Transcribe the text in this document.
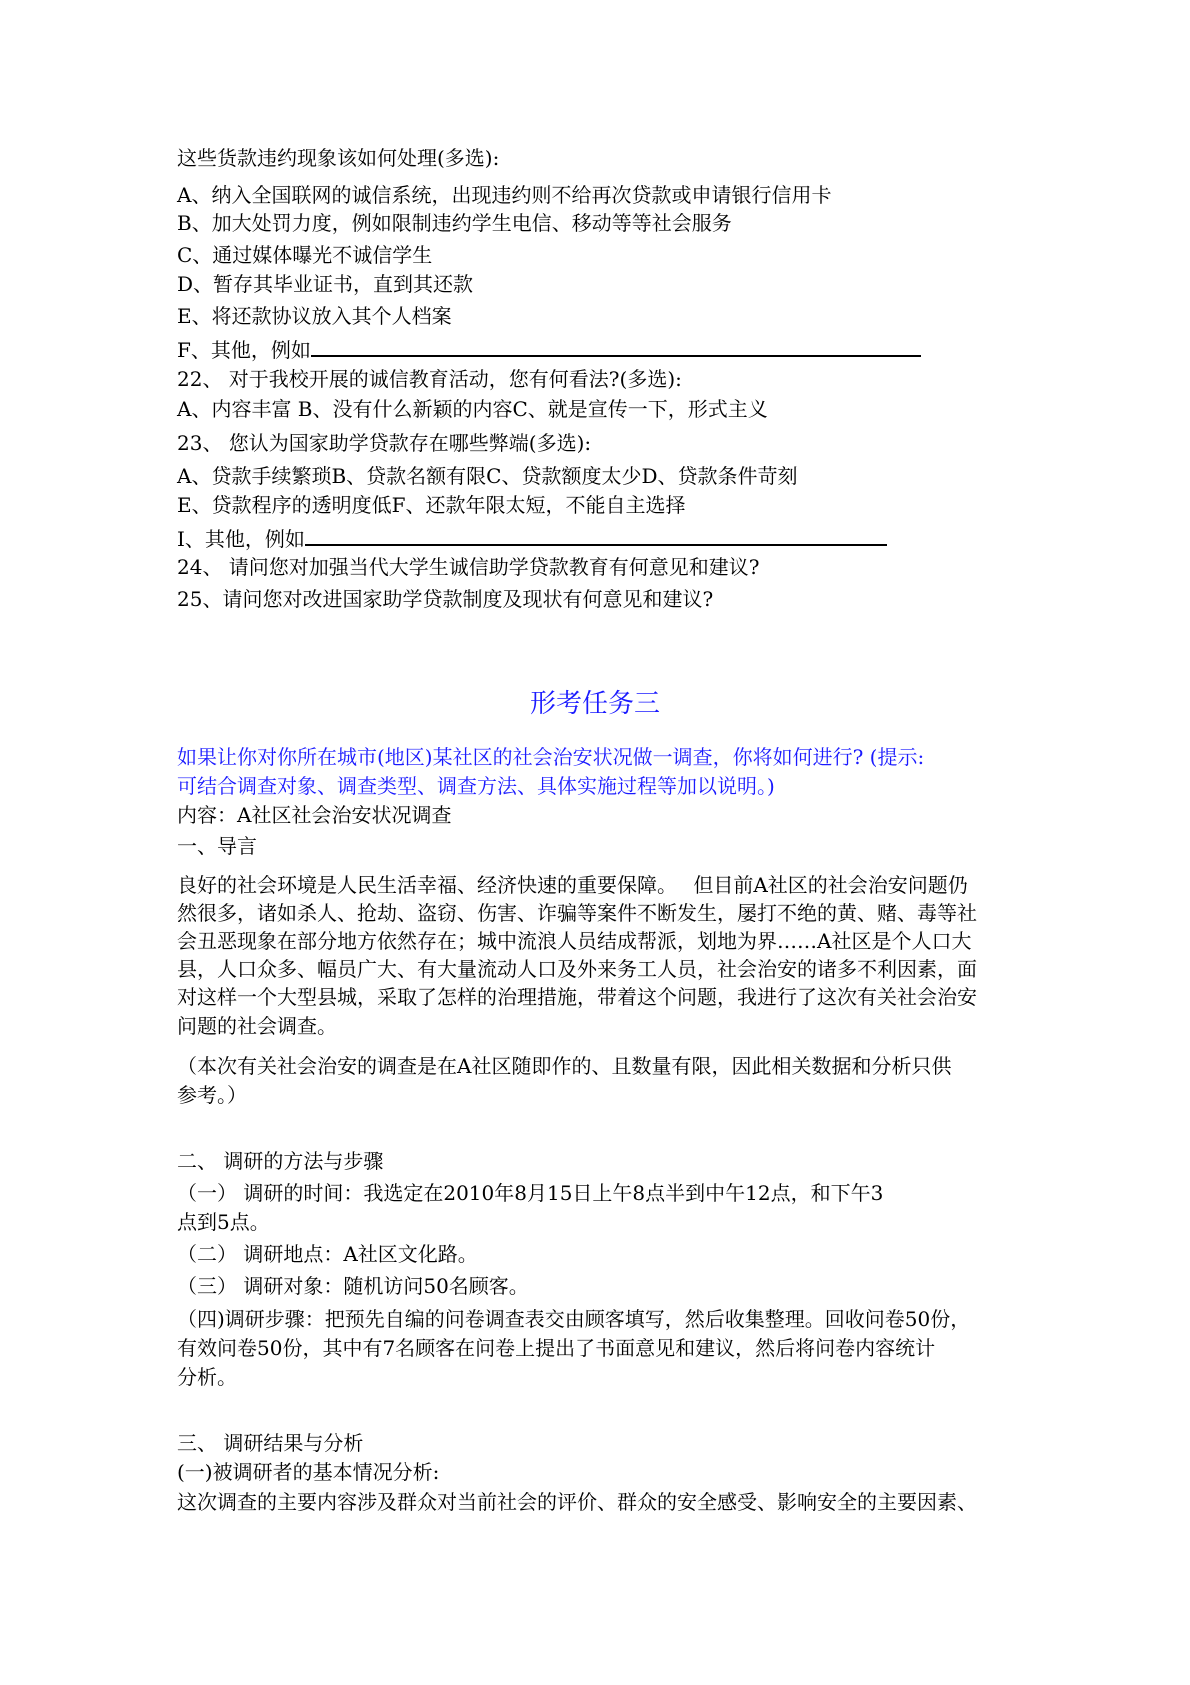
这些货款违约现象该如何处理(多选):
A、纳入全国联网的诚信系统，出现违约则不给再次贷款或申请银行信用卡
B、加大处罚力度，例如限制违约学生电信、移动等等社会服务
C、通过媒体曝光不诚信学生
D、暂存其毕业证书，直到其还款
E、将还款协议放入其个人档案
F、其他，例如
22、 对于我校开展的诚信教育活动，您有何看法?(多选):
A、内容丰富 B、没有什么新颖的内容C、就是宣传一下，形式主义
23、 您认为国家助学贷款存在哪些弊端(多选):
A、贷款手续繁琐B、贷款名额有限C、贷款额度太少D、贷款条件苛刻
E、贷款程序的透明度低F、还款年限太短，不能自主选择
I、其他，例如
24、 请问您对加强当代大学生诚信助学贷款教育有何意见和建议?
25、请问您对改进国家助学贷款制度及现状有何意见和建议?
形考任务三
如果让你对你所在城市(地区)某社区的社会治安状况做一调查，你将如何进行? (提示:
可结合调查对象、调查类型、调查方法、具体实施过程等加以说明。)
内容：A社区社会治安状况调查
一、导言
良好的社会环境是人民生活幸福、经济快速的重要保障。　 但目前A社区的社会治安问题仍
然很多，诸如杀人、抢劫、盗窃、伤害、诈骗等案件不断发生，屡打不绝的黄、赌、毒等社
会丑恶现象在部分地方依然存在；城中流浪人员结成帮派，划地为界……A社区是个人口大
县，人口众多、幅员广大、有大量流动人口及外来务工人员，社会治安的诸多不利因素，面
对这样一个大型县城，采取了怎样的治理措施，带着这个问题，我进行了这次有关社会治安
问题的社会调查。
（本次有关社会治安的调查是在A社区随即作的、且数量有限，因此相关数据和分析只供
参考。）
二、 调研的方法与步骤
（一） 调研的时间：我选定在2010年8月15日上午8点半到中午12点，和下午3
点到5点。
（二） 调研地点：A社区文化路。
（三） 调研对象：随机访问50名顾客。
（四)调研步骤：把预先自编的问卷调查表交由顾客填写，然后收集整理。回收问卷50份，
有效问卷50份，其中有7名顾客在问卷上提出了书面意见和建议，然后将问卷内容统计
分析。
三、 调研结果与分析
(一)被调研者的基本情况分析:
这次调查的主要内容涉及群众对当前社会的评价、群众的安全感受、影响安全的主要因素、
